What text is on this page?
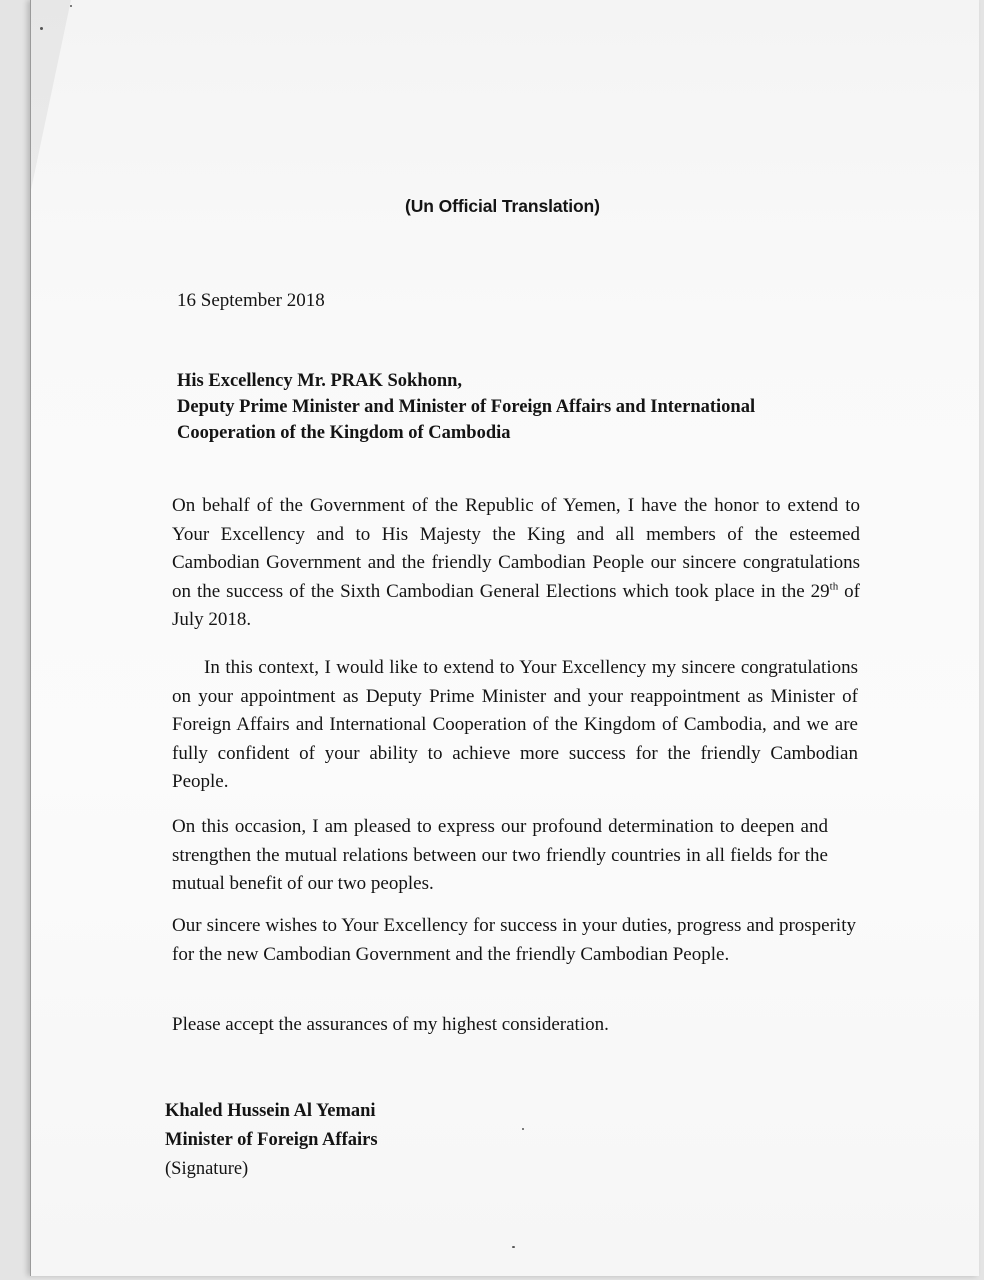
(Un Official Translation)

16 September 2018

His Excellency Mr. PRAK Sokhonn,
Deputy Prime Minister and Minister of Foreign Affairs and International
Cooperation of the Kingdom of Cambodia

On behalf of the Government of the Republic of Yemen, I have the honor to extend to Your Excellency and to His Majesty the King and all members of the esteemed Cambodian Government and the friendly Cambodian People our sincere congratulations on the success of the Sixth Cambodian General Elections which took place in the 29th of July 2018.

In this context, I would like to extend to Your Excellency my sincere congratulations on your appointment as Deputy Prime Minister and your reappointment as Minister of Foreign Affairs and International Cooperation of the Kingdom of Cambodia, and we are fully confident of your ability to achieve more success for the friendly Cambodian People.

On this occasion, I am pleased to express our profound determination to deepen and strengthen the mutual relations between our two friendly countries in all fields for the mutual benefit of our two peoples.

Our sincere wishes to Your Excellency for success in your duties, progress and prosperity for the new Cambodian Government and the friendly Cambodian People.

Please accept the assurances of my highest consideration.

Khaled Hussein Al Yemani
Minister of Foreign Affairs
(Signature)
